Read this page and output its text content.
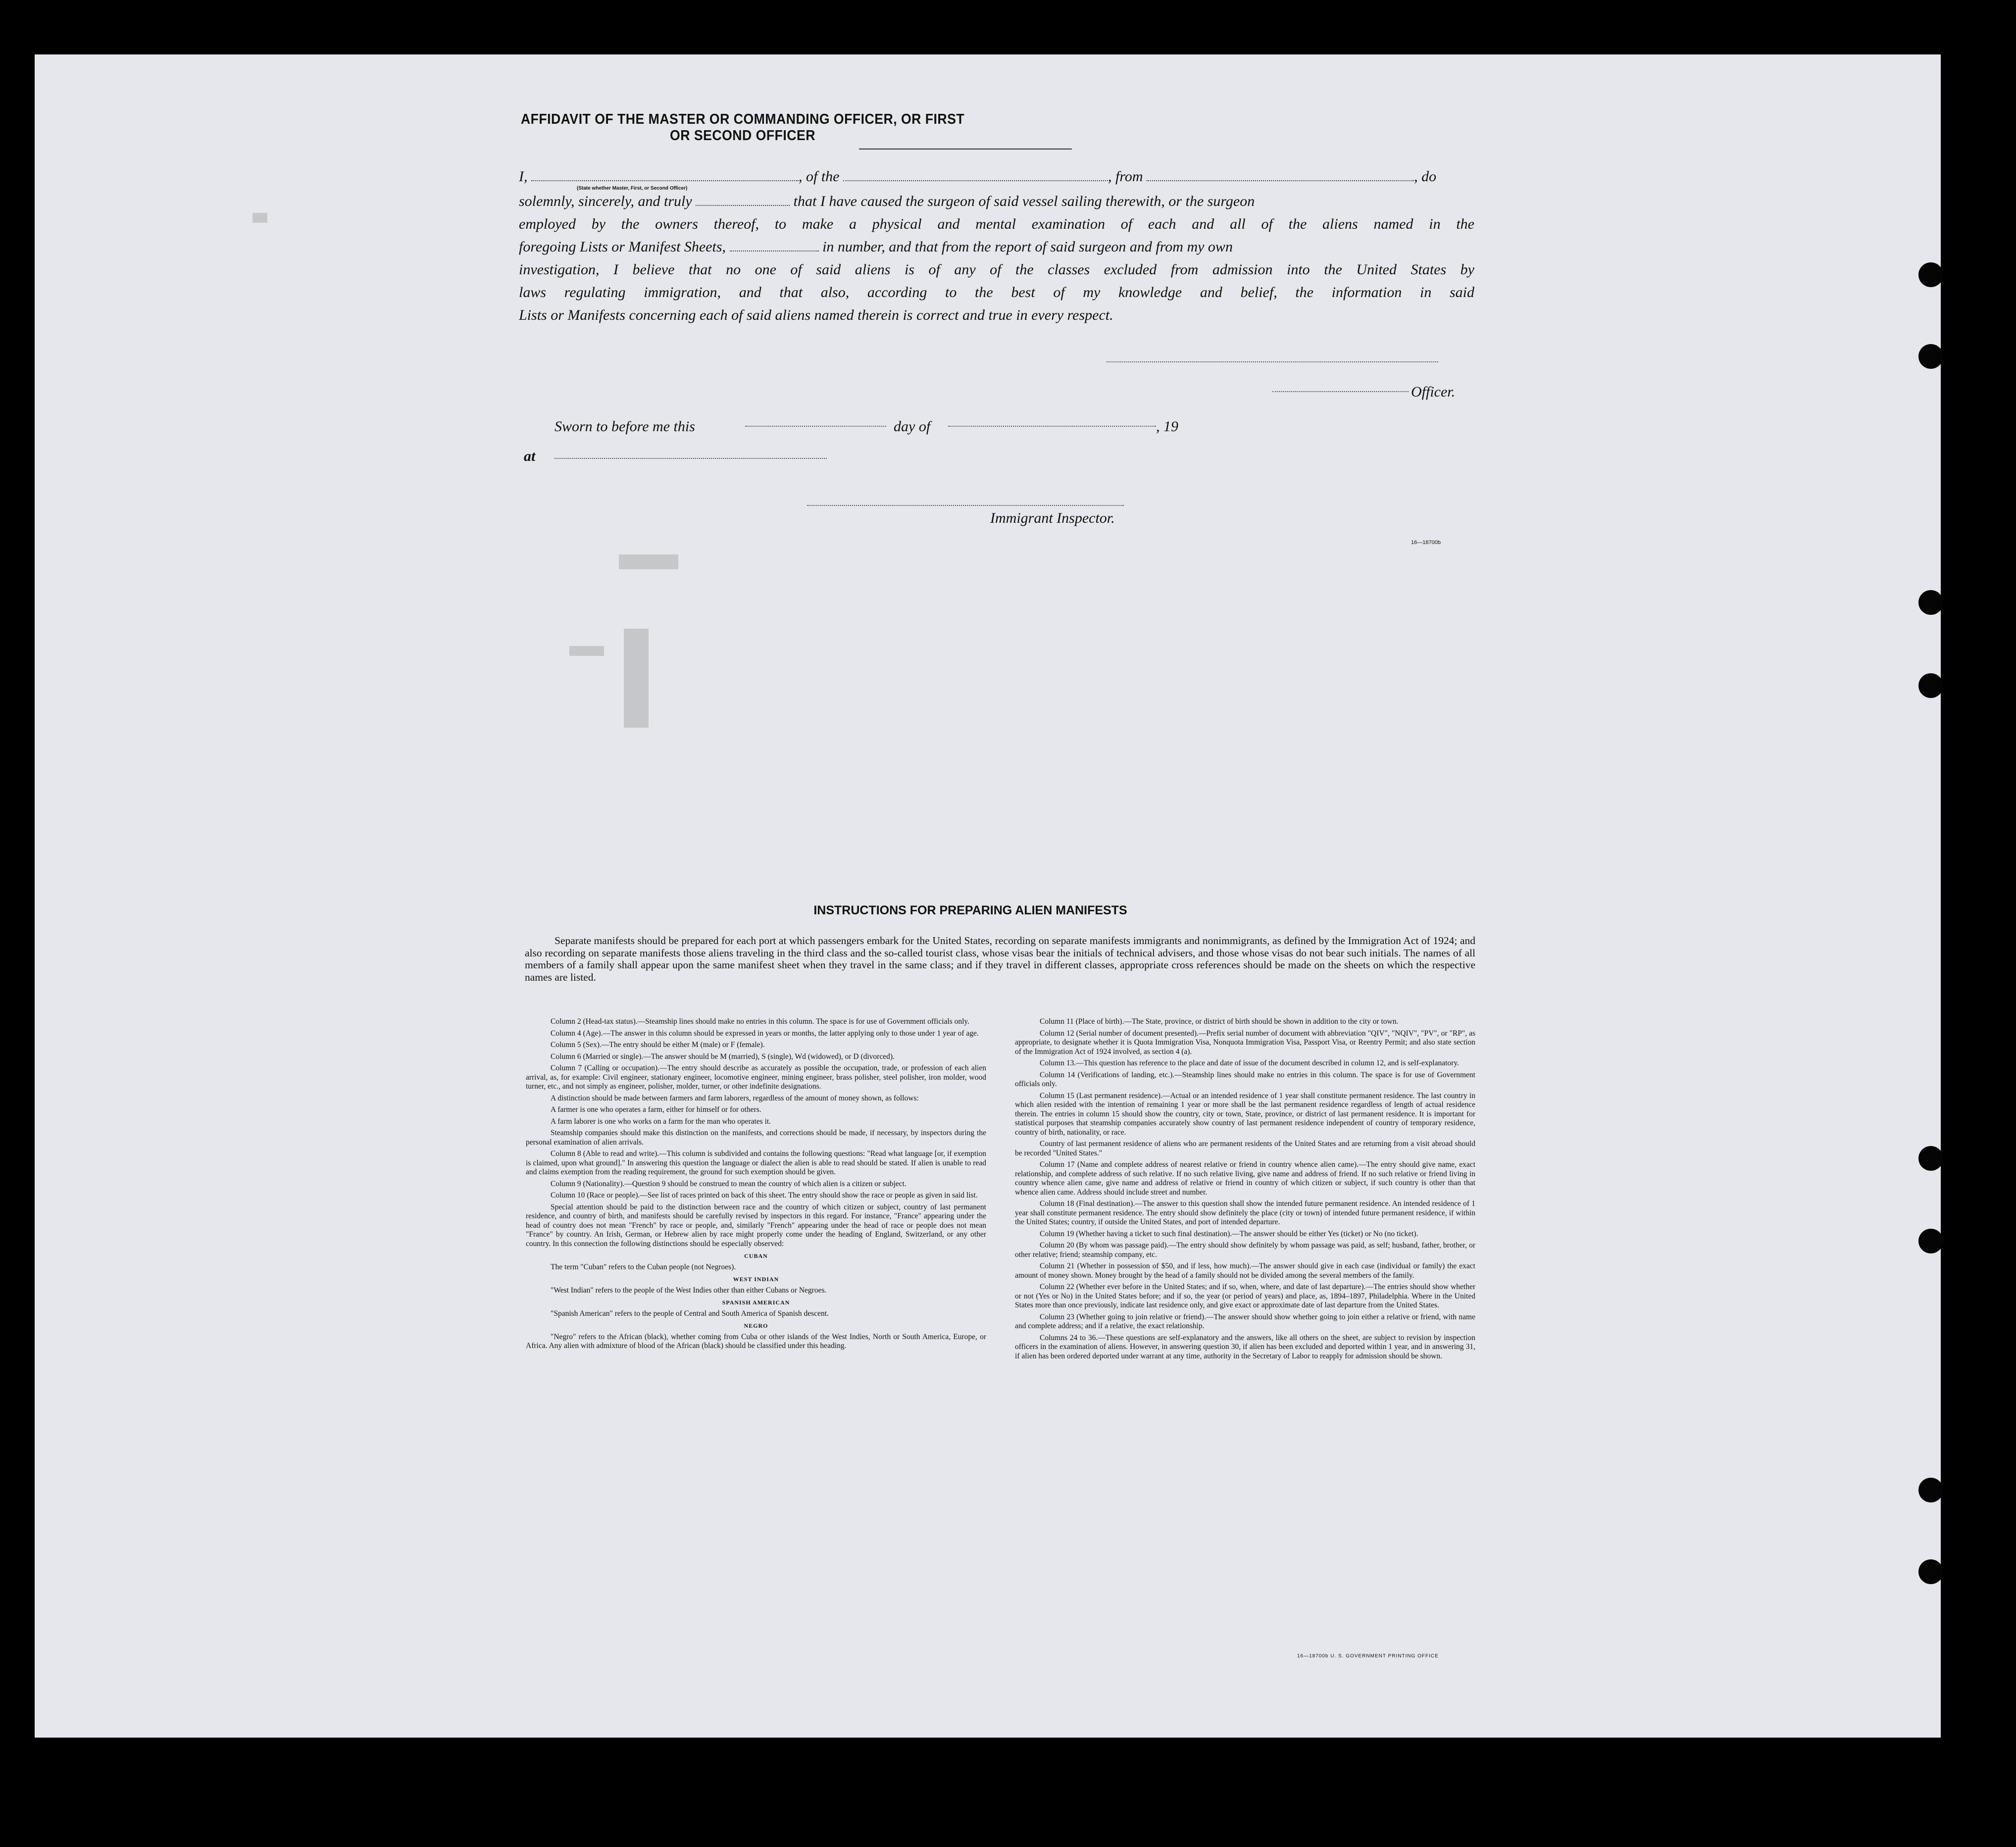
AFFIDAVIT OF THE MASTER OR COMMANDING OFFICER, OR FIRST OR SECOND OFFICER
I,	, of the	, from	, do
(State whether Master, First, or Second Officer)
solemnly, sincerely, and truly	that I have caused the surgeon of said vessel sailing therewith, or the surgeon
employed by the owners thereof, to make a physical and mental examination of each and all of the aliens named in the
foregoing Lists or Manifest Sheets,	in number, and that from the report of said surgeon and from my own
investigation, I believe that no one of said aliens is of any of the classes excluded from admission into the United States by
laws regulating immigration, and that also, according to the best of my knowledge and belief, the information in said
Lists or Manifests concerning each of said aliens named therein is correct and true in every respect.
Officer.
Sworn to before me this	day of	, 19
at
Immigrant Inspector.
16—18700b
INSTRUCTIONS FOR PREPARING ALIEN MANIFESTS
Separate manifests should be prepared for each port at which passengers embark for the United States, recording on separate manifests immigrants and nonimmigrants, as defined by the Immigration Act of 1924; and also recording on separate manifests those aliens traveling in the third class and the so-called tourist class, whose visas bear the initials of technical advisers, and those whose visas do not bear such initials. The names of all members of a family shall appear upon the same manifest sheet when they travel in the same class; and if they travel in different classes, appropriate cross references should be made on the sheets on which the respective names are listed.

Column 2 (Head-tax status).—Steamship lines should make no entries in this column. The space is for use of Government officials only.

Column 4 (Age).—The answer in this column should be expressed in years or months, the latter applying only to those under 1 year of age.

Column 5 (Sex).—The entry should be either M (male) or F (female).

Column 6 (Married or single).—The answer should be M (married), S (single), Wd (widowed), or D (divorced).

Column 7 (Calling or occupation).—The entry should describe as accurately as possible the occupation, trade, or profession of each alien arrival, as, for example: Civil engineer, stationary engineer, locomotive engineer, mining engineer, brass polisher, steel polisher, iron molder, wood turner, etc., and not simply as engineer, polisher, molder, turner, or other indefinite designations.

A distinction should be made between farmers and farm laborers, regardless of the amount of money shown, as follows:

A farmer is one who operates a farm, either for himself or for others.

A farm laborer is one who works on a farm for the man who operates it.

Steamship companies should make this distinction on the manifests, and corrections should be made, if necessary, by inspectors during the personal examination of alien arrivals.

Column 8 (Able to read and write).—This column is subdivided and contains the following questions: "Read what language [or, if exemption is claimed, upon what ground]." In answering this question the language or dialect the alien is able to read should be stated. If alien is unable to read and claims exemption from the reading requirement, the ground for such exemption should be given.

Column 9 (Nationality).—Question 9 should be construed to mean the country of which alien is a citizen or subject.

Column 10 (Race or people).—See list of races printed on back of this sheet. The entry should show the race or people as given in said list.

Special attention should be paid to the distinction between race and the country of which citizen or subject, country of last permanent residence, and country of birth, and manifests should be carefully revised by inspectors in this regard. For instance, "France" appearing under the head of country does not mean "French" by race or people, and, similarly "French" appearing under the head of race or people does not mean "France" by country. An Irish, German, or Hebrew alien by race might properly come under the heading of England, Switzerland, or any other country. In this connection the following distinctions should be especially observed:

CUBAN

The term "Cuban" refers to the Cuban people (not Negroes).

WEST INDIAN

"West Indian" refers to the people of the West Indies other than either Cubans or Negroes.

SPANISH AMERICAN

"Spanish American" refers to the people of Central and South America of Spanish descent.

NEGRO

"Negro" refers to the African (black), whether coming from Cuba or other islands of the West Indies, North or South America, Europe, or Africa. Any alien with admixture of blood of the African (black) should be classified under this heading.

Column 11 (Place of birth).—The State, province, or district of birth should be shown in addition to the city or town.

Column 12 (Serial number of document presented).—Prefix serial number of document with abbreviation "QIV", "NQIV", "PV", or "RP", as appropriate, to designate whether it is Quota Immigration Visa, Nonquota Immigration Visa, Passport Visa, or Reentry Permit; and also state section of the Immigration Act of 1924 involved, as section 4 (a).

Column 13.—This question has reference to the place and date of issue of the document described in column 12, and is self-explanatory.

Column 14 (Verifications of landing, etc.).—Steamship lines should make no entries in this column. The space is for use of Government officials only.

Column 15 (Last permanent residence).—Actual or an intended residence of 1 year shall constitute permanent residence. The last country in which alien resided with the intention of remaining 1 year or more shall be the last permanent residence regardless of length of actual residence therein. The entries in column 15 should show the country, city or town, State, province, or district of last permanent residence. It is important for statistical purposes that steamship companies accurately show country of last permanent residence independent of country of temporary residence, country of birth, nationality, or race.

Country of last permanent residence of aliens who are permanent residents of the United States and are returning from a visit abroad should be recorded "United States."

Column 17 (Name and complete address of nearest relative or friend in country whence alien came).—The entry should give name, exact relationship, and complete address of such relative. If no such relative living, give name and address of friend. If no such relative or friend living in country whence alien came, give name and address of relative or friend in country of which citizen or subject, if such country is other than that whence alien came. Address should include street and number.

Column 18 (Final destination).—The answer to this question shall show the intended future permanent residence. An intended residence of 1 year shall constitute permanent residence. The entry should show definitely the place (city or town) of intended future permanent residence, if within the United States; country, if outside the United States, and port of intended departure.

Column 19 (Whether having a ticket to such final destination).—The answer should be either Yes (ticket) or No (no ticket).

Column 20 (By whom was passage paid).—The entry should show definitely by whom passage was paid, as self; husband, father, brother, or other relative; friend; steamship company, etc.

Column 21 (Whether in possession of $50, and if less, how much).—The answer should give in each case (individual or family) the exact amount of money shown. Money brought by the head of a family should not be divided among the several members of the family.

Column 22 (Whether ever before in the United States; and if so, when, where, and date of last departure).—The entries should show whether or not (Yes or No) in the United States before; and if so, the year (or period of years) and place, as, 1894–1897, Philadelphia. Where in the United States more than once previously, indicate last residence only, and give exact or approximate date of last departure from the United States.

Column 23 (Whether going to join relative or friend).—The answer should show whether going to join either a relative or friend, with name and complete address; and if a relative, the exact relationship.

Columns 24 to 36.—These questions are self-explanatory and the answers, like all others on the sheet, are subject to revision by inspection officers in the examination of aliens. However, in answering question 30, if alien has been excluded and deported within 1 year, and in answering 31, if alien has been ordered deported under warrant at any time, authority in the Secretary of Labor to reapply for admission should be shown.

16—18700b U. S. GOVERNMENT PRINTING OFFICE
